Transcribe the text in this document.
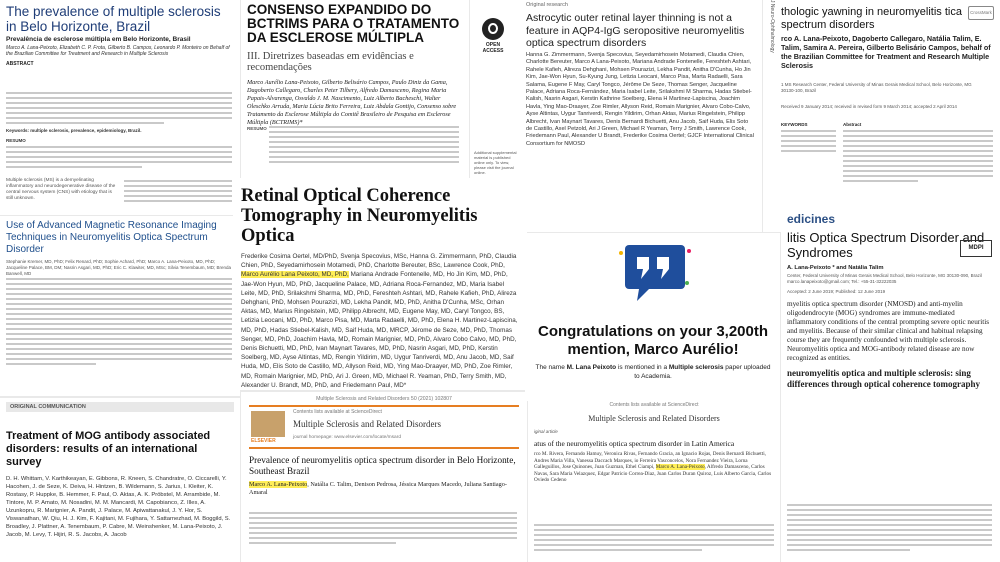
The prevalence of multiple sclerosis in Belo Horizonte, Brazil
Prevalência de esclerose múltipla em Belo Horizonte, Brasil
Marco A. Lana-Peixoto, Elizabeth C. P. Frota, Gilberto B. Campos, Leonardo P. Monteiro on Behalf of the Brazilian Committee for Treatment and Research in Multiple Sclerosis
ABSTRACT
Keywords: multiple sclerosis, prevalence, epidemiology, Brazil.
RESUMO
Multiple sclerosis (MS) is a demyelinating inflammatory and neurodegenerative disease of the central nervous system (CNS) with etiology that is still unknown.
CONSENSO EXPANDIDO DO BCTRIMS PARA O TRATAMENTO DA ESCLEROSE MÚLTIPLA
III. Diretrizes baseadas em evidências e recomendações
Marco Aurélio Lana-Peixoto, Gilberto Belisário Campos, Paulo Diniz da Gama, Dagoberto Callegaro, Charles Peter Tilbery, Alfredo Damasceno, Regina Maria Papais-Alvarenga, Osvaldo J. M. Nascimento, Luiz Alberto Bacheschi, Walter Oleschko Arruda, Maria Lúcia Brito Ferreira, Luiz Abdala Gontijo, Consenso sobre Tratamento da Esclerose Múltipla do Comitê Brasileiro de Pesquisa em Esclerose Múltipla (BCTRIMS)*
RESUMO
OPEN ACCESS
Original research
Astrocytic outer retinal layer thinning is not a feature in AQP4-IgG seropositive neuromyelitis optica spectrum disorders
Hanna G. Zimmermann, Svenja Specovius, Seyedamirhosein Motamedi, Claudia Chien, Charlotte Bereuter, Marco A Lana-Peixoto, Mariana Andrade Fontenelle, Fereshteh Ashtari, Rahele Kafieh, Alireza Dehghani, Mohsen Pourazizi, Lekha Pandit, Anitha D'Cunha, Ho Jin Kim, Jae-Won Hyun, Su-Kyung Jung, Letizia Leocani, Marco Pisa, Marta Radaelli, Sara Salama, Eugene F May, Caryl Tongco, Jérôme De Seze, Thomas Senger, Jacqueline Palace, Adriana Roca-Fernández, Maria Isabel Leite, Srilakshmi M Sharma, Hadas Stiebel-Kalish, Nasrin Asgari, Kerstin Kathrine Soelberg, Elena H Martinez-Lapiscina, Joachim Havla, Ying Mao-Draayer, Zoe Rimler, Allyson Reid, Romain Marignier, Alvaro Cobo-Calvo, Ayse Altintas, Uygur Tanriverdi, Rengin Yildirim, Orhan Aktas, Marius Ringelstein, Philipp Albrecht, Ivan Maynart Tavares, Denis Bernardi Bichuetti, Anu Jacob, Saif Huda, Elis Soto de Castillo, Axel Petzold, Ari J Green, Michael R Yeaman, Terry J Smith, Lawrence Cook, Friedemann Paul, Alexander U Brandt, Frederike Cosima Oertel; GJCF International Clinical Consortium for NMOSD
Additional supplemental material is published online only. To view, please visit the journal online.
J Neuro-Ophthalmology	CrossMark
thologic yawning in neuromyelitis tica spectrum disorders
rco A. Lana-Peixoto, Dagoberto Callegaro, Natália Talim, E. Talim, Samira A. Pereira, Gilberto Belisário Campos, behalf of the Brazilian Committee for Treatment and Research Multiple Sclerosis
1 MS Research Center, Federal University of Minas Gerais Medical School, Belo Horizonte, MG 30130-100, Brazil
Received 9 January 2014; received in revised form 9 March 2014; accepted 2 April 2014
KEYWORDS	Abstract
Use of Advanced Magnetic Resonance Imaging Techniques in Neuromyelitis Optica Spectrum Disorder
Stephanie Kremer, MD, PhD; Felix Renard, PhD; Sophie Achard, PhD; Marco A. Lana-Peixoto, MD, PhD; Jacqueline Palace, BM, DM; Nasrin Asgari, MD, PhD; Eric C. Klawiter, MD, MSc; Silvia Tenembaum, MD; Brenda Banwell, MD
Retinal Optical Coherence Tomography in Neuromyelitis Optica
Frederike Cosima Oertel, MD/PhD, Svenja Specovius, MSc, Hanna G. Zimmermann, PhD, Claudia Chien, PhD, Seyedamirhosein Motamedi, PhD, Charlotte Bereuter, BSc, Lawrence Cook, PhD, Marco Aurélio Lana Peixoto, MD, PhD, Mariana Andrade Fontenelle, MD, Ho Jin Kim, MD, PhD, Jae-Won Hyun, MD, PhD, Jacqueline Palace, MD, Adriana Roca-Fernandez, MD, Maria Isabel Leite, MD, PhD, Srilakshmi Sharma, MD, PhD, Fereshteh Ashtari, MD, Rahele Kafieh, PhD, Alireza Dehghani, PhD, Mohsen Pourazizi, MD, Lekha Pandit, MD, PhD, Anitha D'Cunha, MSc, Orhan Aktas, MD, Marius Ringelstein, MD, Philipp Albrecht, MD, Eugene May, MD, Caryl Tongco, BS, Letizia Leocani, MD, PhD, Marco Pisa, MD, Marta Radaelli, MD, PhD, Elena H. Martinez-Lapiscina, MD, PhD, Hadas Stiebel-Kalish, MD, Saif Huda, MD, MRCP, Jérome de Seze, MD, PhD, Thomas Senger, MD, PhD, Joachim Havla, MD, Romain Marignier, MD, PhD, Alvaro Cobo Calvo, MD, PhD, Denis Bichuetti, MD, PhD, Ivan Maynart Tavares, MD, PhD, Nasrin Asgari, MD, PhD, Kerstin Soelberg, MD, Ayse Altintas, MD, Rengin Yildirim, MD, Uygur Tanriverdi, MD, Anu Jacob, MD, Saif Huda, MD, Elis Soto de Castillo, MD, Allyson Reid, MD, Ying Mao-Draayer, MD, PhD, Zoe Rimler, MD, Romain Marignier, MD, PhD, Ari J. Green, MD, Michael R. Yeaman, PhD, Terry Smith, MD, Alexander U. Brandt, MD, PhD, and Friedemann Paul, MD*
Congratulations on your 3,200th mention, Marco Aurélio!
The name M. Lana Peixoto is mentioned in a Multiple sclerosis paper uploaded to Academia.
edicines
MDPI
litis Optica Spectrum Disorder and Syndromes
A. Lana-Peixoto * and Natália Talim
Center, Federal University of Minas Gerais Medical School, Belo Horizonte, MG 30130-090, Brazil
marco.lanapeixoto@gmail.com; Tel.: +55-31-32222035
Accepted: 2 June 2019; Published: 12 June 2019
myelitis optica spectrum disorder (NMOSD) and anti-myelin oligodendrocyte (MOG) syndromes are immune-mediated inflammatory conditions of the central prompting severe optic neuritis and myelitis. Because of their similar clinical and habitual relapsing course they are frequently confounded with multiple sclerosis. Neuromyelitis optica and MOG-antibody related disease are now recognized as entities.
neuromyelitis optica and multiple sclerosis: sing differences through optical coherence tomography
ORIGINAL COMMUNICATION
Treatment of MOG antibody associated disorders: results of an international survey
D. H. Whittam, V. Karthikeayan, E. Gibbons, R. Kneen, S. Chandratre, O. Ciccarelli, Y. Hacohen, J. de Seze, K. Deiva, H. Hintzen, B. Wildemann, S. Jarius, I. Kleiter, K. Rostasy, P. Huppke, B. Hemmer, F. Paul, O. Aktas, A. K. Pröbstel, M. Arrambide, M. Tintore, M. P. Amato, M. Nosadini, M. M. Mancardi, M. Capobianco, Z. Illes, A. Uzunkopru, R. Marignier, A. Pandit, J. Palace, M. Apiwattanakul, J. Y. Hor, S. Viswanathan, W. Qiu, H. J. Kim, F. Kajitani, M. Fujihara, Y. Sattarnezhad, M. Boggild, S. Broadley, J. Plattner, A. Tenembaum, P. Cabre, M. Weinshenker, M. Lana-Peixoto, J. Jacob, M. Levy, T. Hijiri, R. S. Jacobs, A. Jacob
Multiple Sclerosis and Related Disorders 50 (2021) 102807
ELSEVIER
Contents lists available at ScienceDirect
Multiple Sclerosis and Related Disorders
journal homepage: www.elsevier.com/locate/msard
Prevalence of neuromyelitis optica spectrum disorder in Belo Horizonte, Southeast Brazil
Marco A. Lana-Peixoto, Natália C. Talim, Denison Pedrosa, Jéssica Marques Macedo, Juliana Santiago-Amaral
Contents lists available at ScienceDirect
Multiple Sclerosis and Related Disorders
iginal article
atus of the neuromyelitis optica spectrum disorder in Latin America
rco M. Rivera, Fernando Hamuy, Veronica Rivas, Fernando Gracia, an Ignacio Rojas, Denis Bernardi Bichuetti, Andres Maria Villa, Vanessa Daccach Marques, io Ferreira Vasconcelos, Nora Fernandez Vieira, Lorna Galleguillos, Jose Quinones, Juan Guzman, Ethel Ciampi, Marco A. Lana-Peixoto, Alfredo Damasceno, Carlos Navas, Sara Maria Velazquez, Edgar Patricio Correa-Diaz, Juan Carlos Duran Quiroz, Luis Alberto Garcia, Carlos Oviedo Cedeno
